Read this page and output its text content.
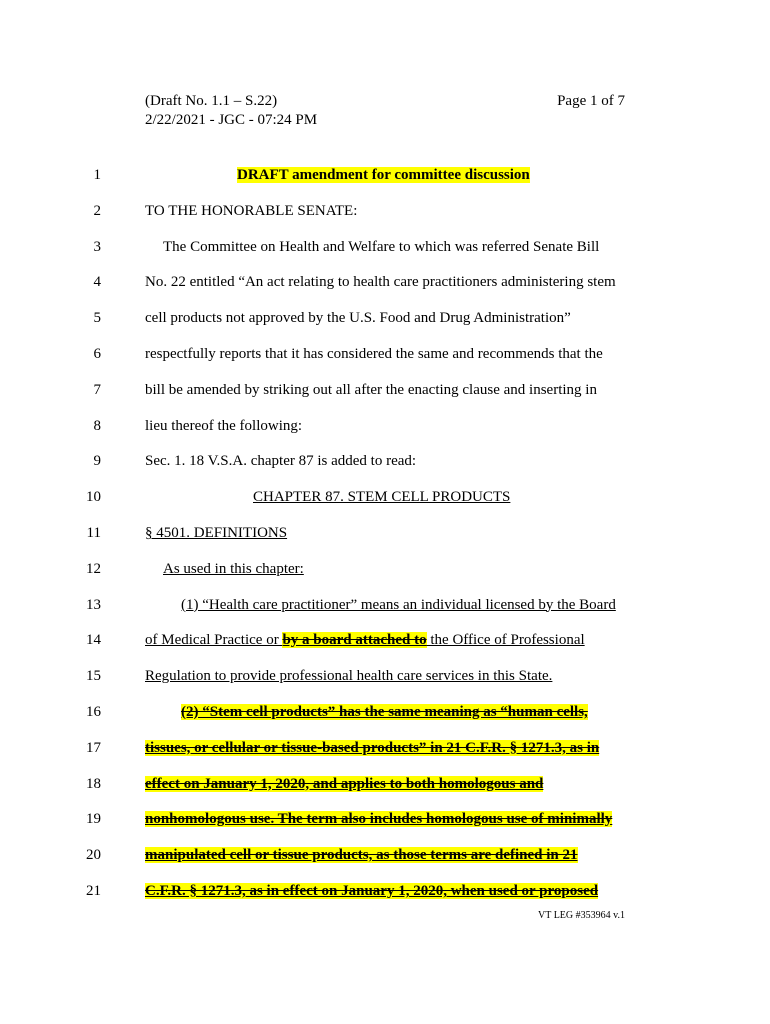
(Draft No. 1.1 – S.22)
2/22/2021 - JGC - 07:24 PM
Page 1 of 7
1	DRAFT amendment for committee discussion
2	TO THE HONORABLE SENATE:
3	The Committee on Health and Welfare to which was referred Senate Bill
4	No. 22 entitled “An act relating to health care practitioners administering stem
5	cell products not approved by the U.S. Food and Drug Administration”
6	respectfully reports that it has considered the same and recommends that the
7	bill be amended by striking out all after the enacting clause and inserting in
8	lieu thereof the following:
9	Sec. 1. 18 V.S.A. chapter 87 is added to read:
10	CHAPTER 87. STEM CELL PRODUCTS
11	§ 4501. DEFINITIONS
12	As used in this chapter:
13	(1) “Health care practitioner” means an individual licensed by the Board
14	of Medical Practice or by a board attached to the Office of Professional
15	Regulation to provide professional health care services in this State.
16	(2) “Stem cell products” has the same meaning as “human cells,
17	tissues, or cellular or tissue-based products” in 21 C.F.R. § 1271.3, as in
18	effect on January 1, 2020, and applies to both homologous and
19	nonhomologous use. The term also includes homologous use of minimally
20	manipulated cell or tissue products, as those terms are defined in 21
21	C.F.R. § 1271.3, as in effect on January 1, 2020, when used or proposed
VT LEG #353964 v.1
